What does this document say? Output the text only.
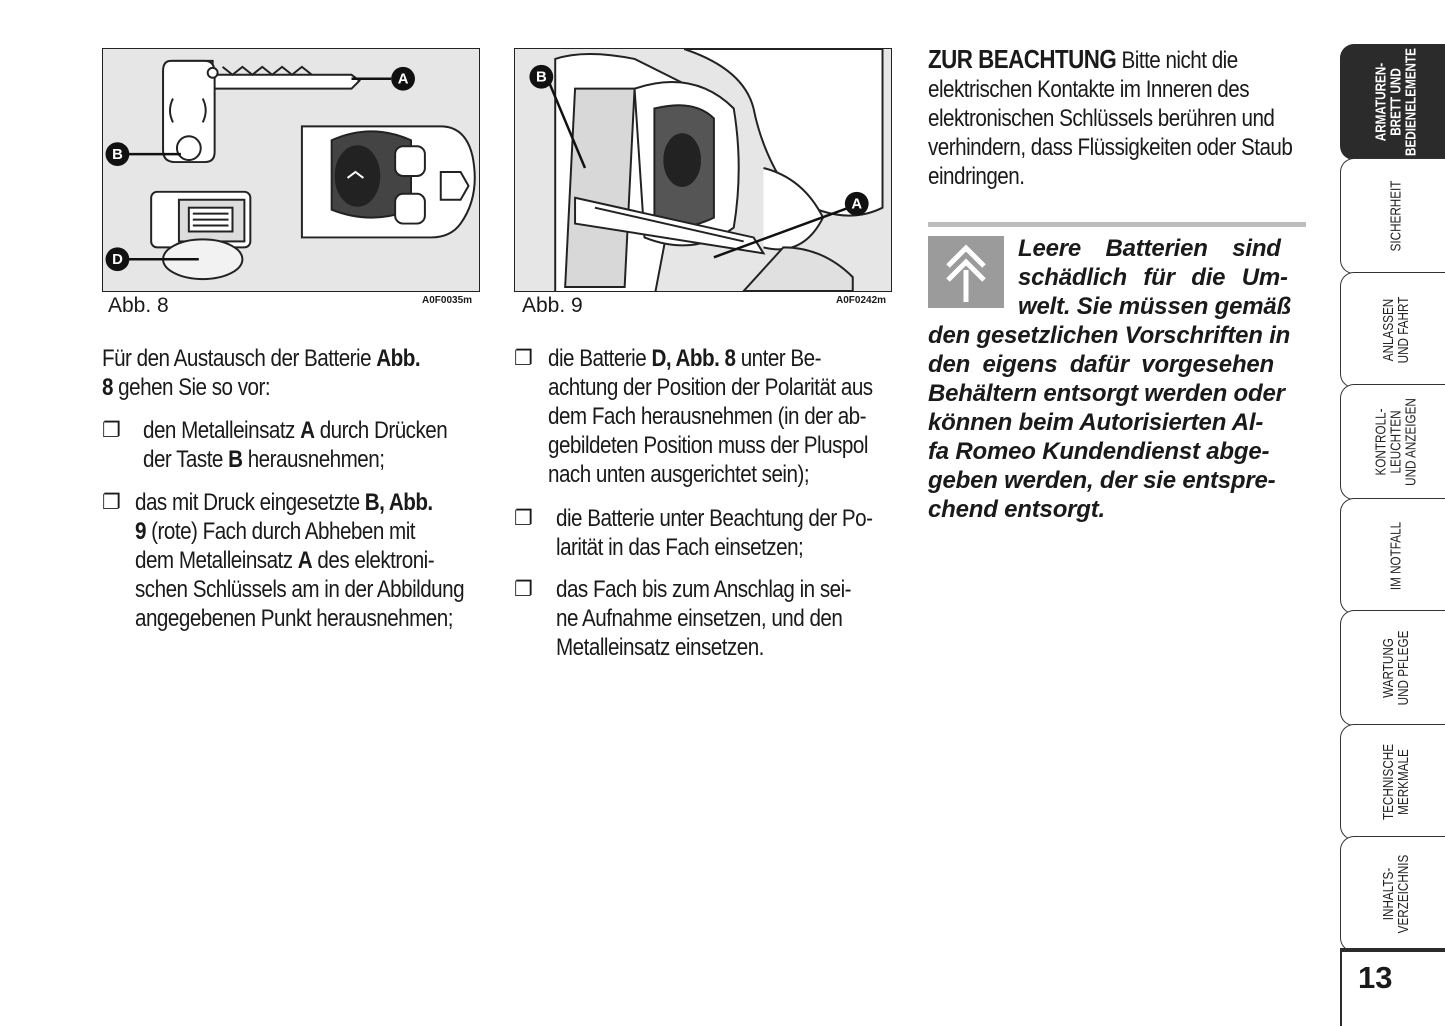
A
B
D
Abb. 8	A0F0035m
B
A
Abb. 9	A0F0242m
Für den Austausch der Batterie Abb.
8 gehen Sie so vor:
❐ den Metalleinsatz A durch Drücken
der Taste B herausnehmen;
❐ das mit Druck eingesetzte B, Abb.
9 (rote) Fach durch Abheben mit
dem Metalleinsatz A des elektroni-
schen Schlüssels am in der Abbildung
angegebenen Punkt herausnehmen;
❐ die Batterie D, Abb. 8 unter Be-
achtung der Position der Polarität aus
dem Fach herausnehmen (in der ab-
gebildeten Position muss der Pluspol
nach unten ausgerichtet sein);
❐ die Batterie unter Beachtung der Po-
larität in das Fach einsetzen;
❐ das Fach bis zum Anschlag in sei-
ne Aufnahme einsetzen, und den
Metalleinsatz einsetzen.
ZUR BEACHTUNG Bitte nicht die
elektrischen Kontakte im Inneren des
elektronischen Schlüssels berühren und
verhindern, dass Flüssigkeiten oder Staub
eindringen.
Leere Batterien sind
schädlich für die Um-
welt. Sie müssen gemäß
den gesetzlichen Vorschriften in
den eigens dafür vorgesehen
Behältern entsorgt werden oder
können beim Autorisierten Al-
fa Romeo Kundendienst abge-
geben werden, der sie entspre-
chend entsorgt.
ARMATUREN-
BRETT UND
BEDIENELEMENTE
SICHERHEIT
ANLASSEN
UND FAHRT
KONTROLL-
LEUCHTEN
UND ANZEIGEN
IM NOTFALL
WARTUNG
UND PFLEGE
TECHNISCHE
MERKMALE
INHALTS-
VERZEICHNIS
13
